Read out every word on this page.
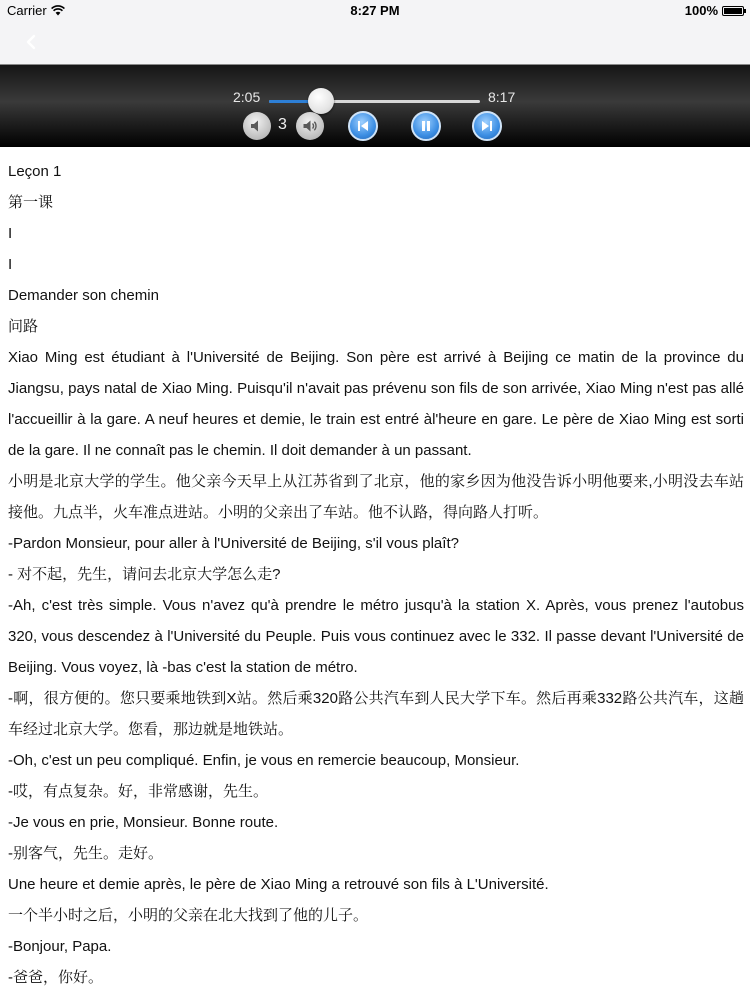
Carrier	8:27 PM	100%
2:05	8:17
3

Leçon 1

第一课

I

I

Demander son chemin

问路

Xiao Ming est étudiant à l'Université de Beijing. Son père est arrivé à Beijing ce matin de la province du Jiangsu, pays natal de Xiao Ming. Puisqu'il n'avait pas prévenu son fils de son arrivée, Xiao Ming n'est pas allé l'accueillir à la gare. A neuf heures et demie, le train est entré àl'heure en gare. Le père de Xiao Ming est sorti de la gare. Il ne connaît pas le chemin. Il doit demander à un passant.

小明是北京大学的学生。他父亲今天早上从江苏省到了北京，他的家乡因为他没告诉小明他要来,小明没去车站接他。九点半，火车准点进站。小明的父亲出了车站。他不认路，得向路人打听。

-Pardon Monsieur, pour aller à l'Université de Beijing, s'il vous plaît?

- 对不起，先生，请问去北京大学怎么走?

-Ah, c'est très simple. Vous n'avez qu'à prendre le métro jusqu'à la station X. Après, vous prenez l'autobus 320, vous descendez à l'Université du Peuple. Puis vous continuez avec le 332. Il passe devant l'Université de Beijing. Vous voyez, là -bas c'est la station de métro.

-啊，很方便的。您只要乘地铁到X站。然后乘320路公共汽车到人民大学下车。然后再乘332路公共汽车，这趟车经过北京大学。您看，那边就是地铁站。

-Oh, c'est un peu compliqué. Enfin, je vous en remercie beaucoup, Monsieur.

-哎，有点复杂。好，非常感谢，先生。

-Je vous en prie, Monsieur. Bonne route.

-别客气，先生。走好。

Une heure et demie après, le père de Xiao Ming a retrouvé son fils à L'Université.

一个半小时之后，小明的父亲在北大找到了他的儿子。

-Bonjour, Papa.

-爸爸，你好。
